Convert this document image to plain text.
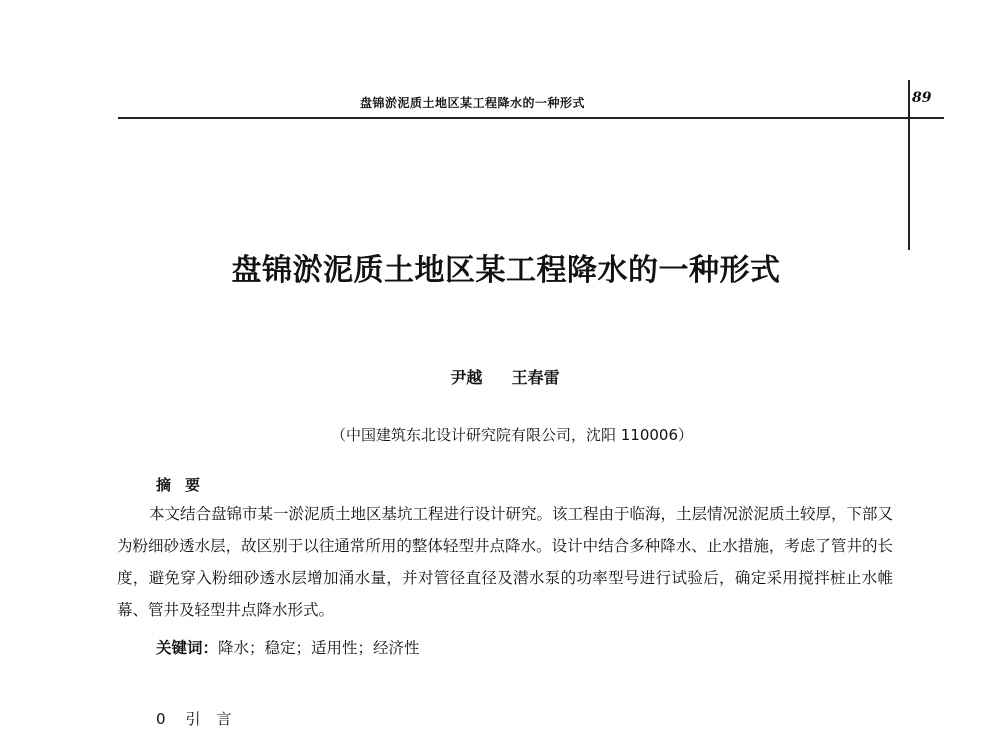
盘锦淤泥质土地区某工程降水的一种形式	89
盘锦淤泥质土地区某工程降水的一种形式
尹越 王春雷
（中国建筑东北设计研究院有限公司，沈阳 110006）
摘要
本文结合盘锦市某一淤泥质土地区基坑工程进行设计研究。该工程由于临海，土层情况淤泥质土较厚，下部又为粉细砂透水层，故区别于以往通常所用的整体轻型井点降水。设计中结合多种降水、止水措施，考虑了管井的长度，避免穿入粉细砂透水层增加涌水量，并对管径直径及潜水泵的功率型号进行试验后，确定采用搅拌桩止水帷幕、管井及轻型井点降水形式。
关键词：降水；稳定；适用性；经济性
0 引言
